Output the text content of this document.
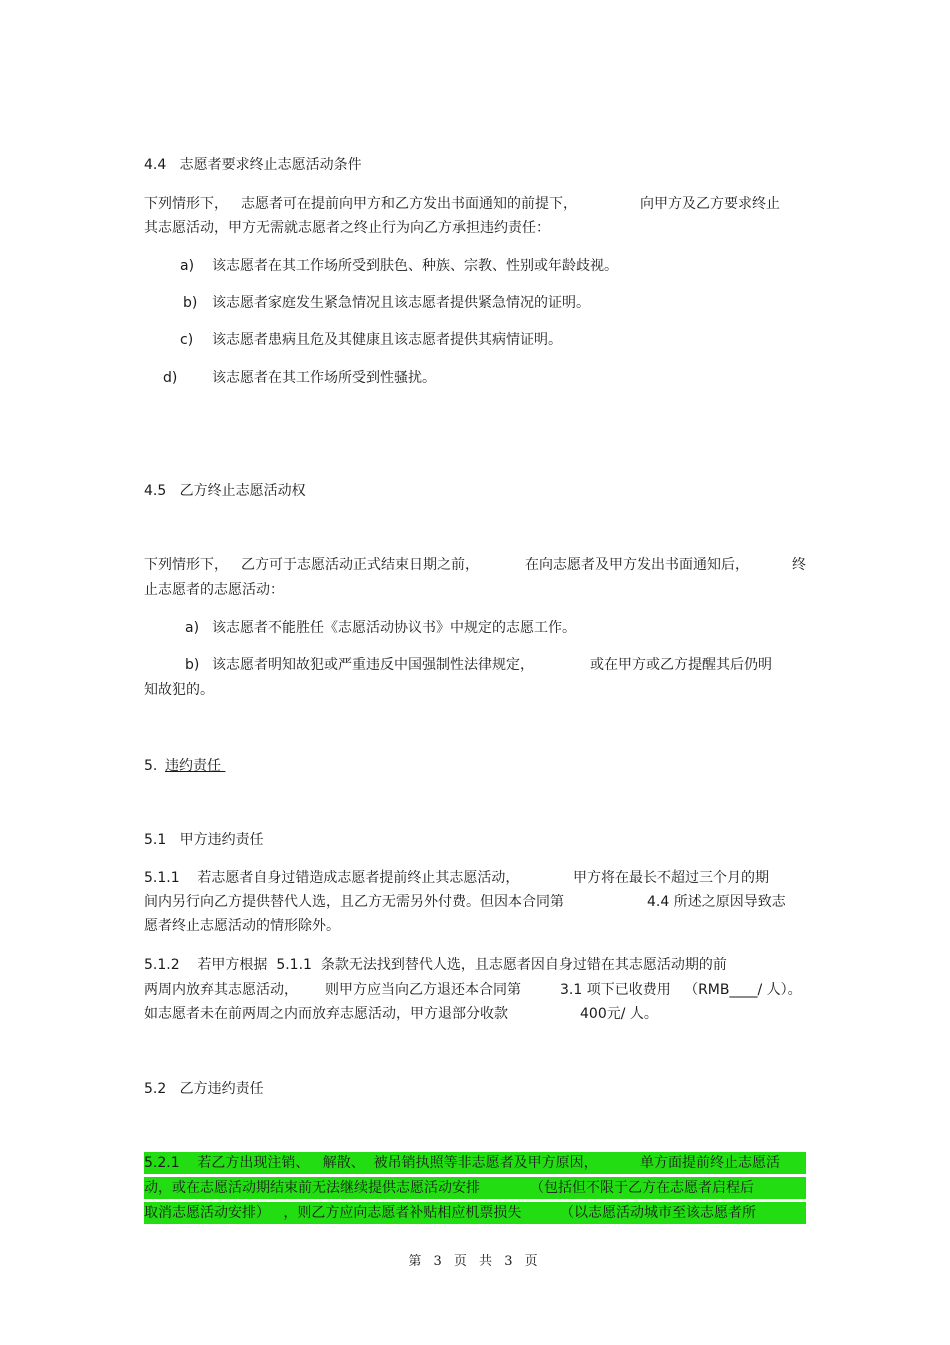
4.4   志愿者要求终止志愿活动条件

下列情形下，

志愿者可在提前向甲方和乙方发出书面通知的前提下，

	向甲方及乙方要求终止

其志愿活动，甲方无需就志愿者之终止行为向乙方承担违约责任：

a)

该志愿者在其工作场所受到肤色、种族、宗教、性别或年龄歧视。

b)

该志愿者家庭发生紧急情况且该志愿者提供紧急情况的证明。

c)

该志愿者患病且危及其健康且该志愿者提供其病情证明。

d)

该志愿者在其工作场所受到性骚扰。

4.5   乙方终止志愿活动权

下列情形下，

乙方可于志愿活动正式结束日期之前，

	在向志愿者及甲方发出书面通知后，

	终

止志愿者的志愿活动：

a)

该志愿者不能胜任《志愿活动协议书》中规定的志愿工作。

b)

该志愿者明知故犯或严重违反中国强制性法律规定，

	或在甲方或乙方提醒其后仍明

知故犯的。

5.

违约责任

5.1   甲方违约责任

5.1.1    若志愿者自身过错造成志愿者提前终止其志愿活动，

	甲方将在最长不超过三个月的期

间内另行向乙方提供替代人选，且乙方无需另外付费。但因本合同第

	4.4 所述之原因导致志

愿者终止志愿活动的情形除外。
5.1.2    若甲方根据  5.1.1  条款无法找到替代人选，且志愿者因自身过错在其志愿活动期的前

两周内放弃其志愿活动，

则甲方应当向乙方退还本合同第

	3.1 项下已收费用   （RMB____/ 人）。

如志愿者未在前两周之内而放弃志愿活动，甲方退部分收款

	400元/ 人。

5.2   乙方违约责任

5.2.1    若乙方出现注销、   解散、  被吊销执照等非志愿者及甲方原因，

	单方面提前终止志愿活

动，或在志愿活动期结束前无法继续提供志愿活动安排

	（包括但不限于乙方在志愿者启程后

取消志愿活动安排）   ，则乙方应向志愿者补贴相应机票损失

	（以志愿活动城市至该志愿者所

第 3 页 共 3 页
